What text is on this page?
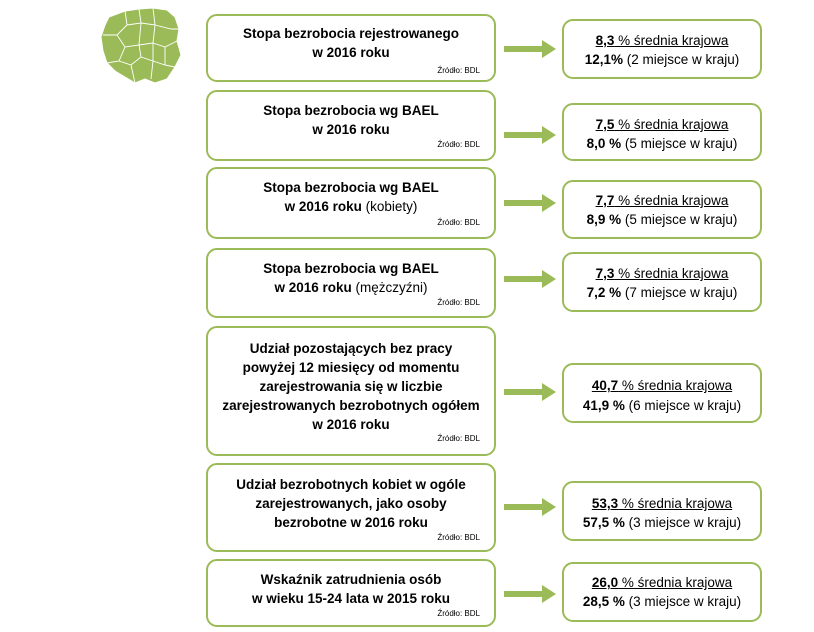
Stopa bezrobocia rejestrowanego
w 2016 roku
Źródło: BDL
8,3 % średnia krajowa
12,1% (2 miejsce w kraju)
Stopa bezrobocia wg BAEL
w 2016 roku
Źródło: BDL
7,5 % średnia krajowa
8,0 % (5 miejsce w kraju)
Stopa bezrobocia wg BAEL
w 2016 roku (kobiety)
Źródło: BDL
7,7 % średnia krajowa
8,9 % (5 miejsce w kraju)
Stopa bezrobocia wg BAEL
w 2016 roku (mężczyźni)
Źródło: BDL
7,3 % średnia krajowa
7,2 % (7 miejsce w kraju)
Udział pozostających bez pracy
powyżej 12 miesięcy od momentu
zarejestrowania się w liczbie
zarejestrowanych bezrobotnych ogółem
w 2016 roku
Źródło: BDL
40,7 % średnia krajowa
41,9 % (6 miejsce w kraju)
Udział bezrobotnych kobiet w ogóle
zarejestrowanych, jako osoby
bezrobotne w 2016 roku
Źródło: BDL
53,3 % średnia krajowa
57,5 % (3 miejsce w kraju)
Wskaźnik zatrudnienia osób
w wieku 15-24 lata w 2015 roku
Źródło: BDL
26,0 % średnia krajowa
28,5 % (3 miejsce w kraju)
